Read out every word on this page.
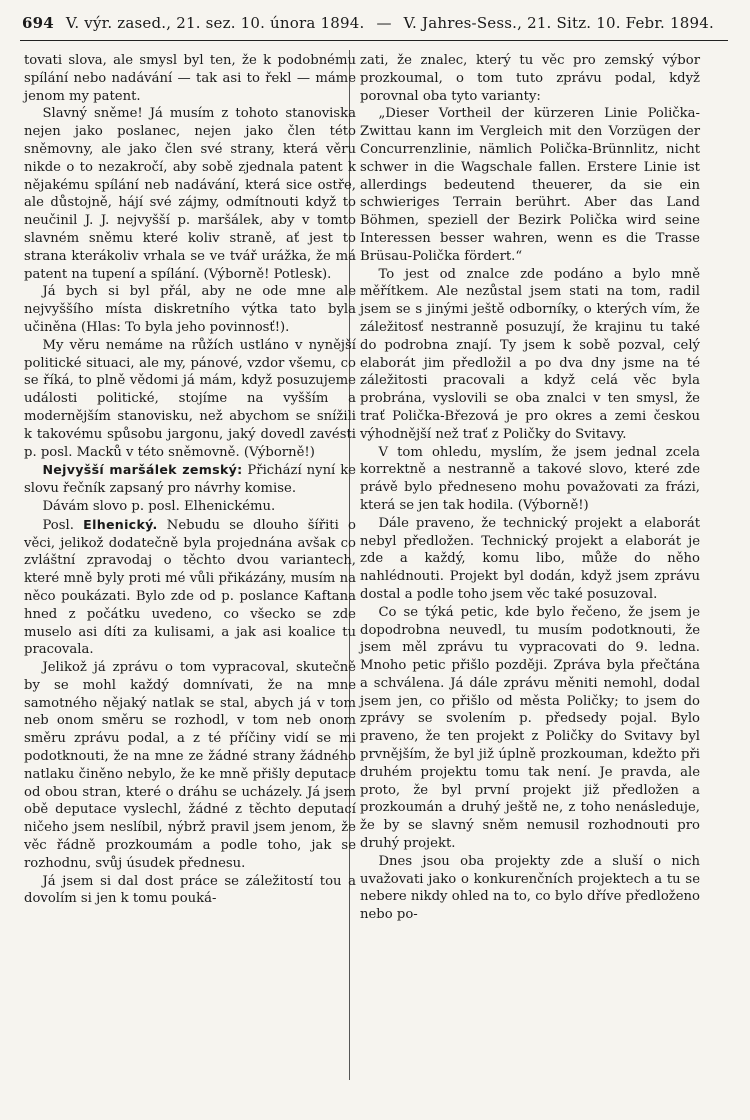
694 V. výr. zased., 21. sez. 10. února 1894. — V. Jahres-Sess., 21. Sitz. 10. Febr. 1894.

tovati slova, ale smysl byl ten, že k podobnému spílání nebo nadávání — tak asi to řekl — máme jenom my patent.

Slavný sněme! Já musím z tohoto stanoviska nejen jako poslanec, nejen jako člen této sněmovny, ale jako člen své strany, která věru nikde o to nezakročí, aby sobě zjednala patent k nějakému spílání neb nadávání, která sice ostře, ale důstojně, hájí své zájmy, odmítnouti když to neučinil J. J. nejvyšší p. maršálek, aby v tomto slavném sněmu které koliv straně, ať jest to strana kterákoliv vrhala se ve tvář urážka, že má patent na tupení a spílání. (Výborně! Potlesk).

Já bych si byl přál, aby ne ode mne ale nejvyššího místa diskretního výtka tato byla učiněna (Hlas: To byla jeho povinnosť!).

My věru nemáme na růžích ustláno v nynější politické situaci, ale my, pánové, vzdor všemu, co se říká, to plně vědomi já mám, když posuzujeme události politické, stojíme na vyšším a modernějším stanovisku, než abychom se snížili k takovému spůsobu jargonu, jaký dovedl zavésti p. posl. Macků v této sněmovně. (Výborně!)

Nejvyšší maršálek zemský: Přichází nyní ke slovu řečník zapsaný pro návrhy komise.

Dávám slovo p. posl. Elhenickému.

Posl. Elhenický. Nebudu se dlouho šířiti o věci, jelikož dodatečně byla projednána avšak co zvláštní zpravodaj o těchto dvou variantech, které mně byly proti mé vůli přikázány, musím na něco poukázati. Bylo zde od p. poslance Kaftana hned z počátku uvedeno, co všecko se zde muselo asi díti za kulisami, a jak asi koalice tu pracovala.

Jelikož já zprávu o tom vypracoval, skutečně by se mohl každý domnívati, že na mne samotného nějaký natlak se stal, abych já v tom neb onom směru se rozhodl, v tom neb onom směru zprávu podal, a z té příčiny vidí se mi podotknouti, že na mne ze žádné strany žádného natlaku činěno nebylo, že ke mně přišly deputace od obou stran, které o dráhu se ucházely. Já jsem obě deputace vyslechl, žádné z těchto deputací ničeho jsem neslíbil, nýbrž pravil jsem jenom, že věc řádně prozkoumám a podle toho, jak se rozhodnu, svůj úsudek přednesu.

Já jsem si dal dost práce se záležitostí tou a dovolím si jen k tomu pouká-

zati, že znalec, který tu věc pro zemský výbor prozkoumal, o tom tuto zprávu podal, když porovnal oba tyto varianty:

„Dieser Vortheil der kürzeren Linie Polička-Zwittau kann im Vergleich mit den Vorzügen der Concurrenzlinie, nämlich Polička-Brünnlitz, nicht schwer in die Wagschale fallen. Erstere Linie ist allerdings bedeutend theuerer, da sie ein schwieriges Terrain berührt. Aber das Land Böhmen, speziell der Bezirk Polička wird seine Interessen besser wahren, wenn es die Trasse Brüsau-Polička fördert.“

To jest od znalce zde podáno a bylo mně měřítkem. Ale nezůstal jsem stati na tom, radil jsem se s jinými ještě odborníky, o kterých vím, že záležitosť nestranně posuzují, že krajinu tu také do podrobna znají. Ty jsem k sobě pozval, celý elaborát jim předložil a po dva dny jsme na té záležitosti pracovali a když celá věc byla probrána, vyslovili se oba znalci v ten smysl, že trať Polička-Březová je pro okres a zemi českou výhodnější než trať z Poličky do Svitavy.

V tom ohledu, myslím, že jsem jednal zcela korrektně a nestranně a takové slovo, které zde právě bylo předneseno mohu považovati za frázi, která se jen tak hodila. (Výborně!)

Dále praveno, že technický projekt a elaborát nebyl předložen. Technický projekt a elaborát je zde a každý, komu libo, může do něho nahlédnouti. Projekt byl dodán, když jsem zprávu dostal a podle toho jsem věc také posuzoval.

Co se týká petic, kde bylo řečeno, že jsem je dopodrobna neuvedl, tu musím podotknouti, že jsem měl zprávu tu vypracovati do 9. ledna. Mnoho petic přišlo později. Zpráva byla přečtána a schválena. Já dále zprávu měniti nemohl, dodal jsem jen, co přišlo od města Poličky; to jsem do zprávy se svolením p. předsedy pojal. Bylo praveno, že ten projekt z Poličky do Svitavy byl prvnějším, že byl již úplně prozkouman, kdežto při druhém projektu tomu tak není. Je pravda, ale proto, že byl první projekt již předložen a prozkoumán a druhý ještě ne, z toho nenásleduje, že by se slavný sněm nemusil rozhodnouti pro druhý projekt.

Dnes jsou oba projekty zde a sluší o nich uvažovati jako o konkurenčních projektech a tu se nebere nikdy ohled na to, co bylo dříve předloženo nebo po-
